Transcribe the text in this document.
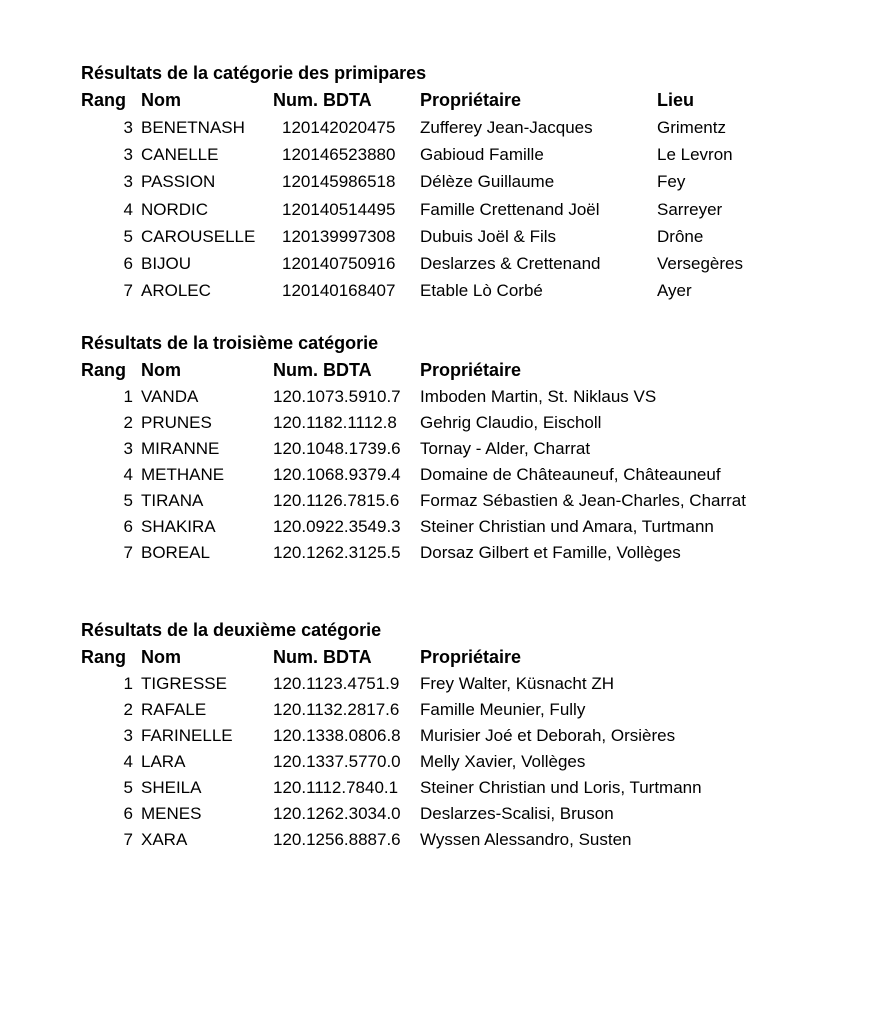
Résultats de la catégorie des primipares
Rang Nom	Num. BDTA	Propriétaire	Lieu
3 BENETNASH 120142020475 Zufferey Jean-Jacques	Grimentz
3 CANELLE	120146523880 Gabioud Famille	Le Levron
3 PASSION	120145986518 Délèze Guillaume	Fey
4 NORDIC	120140514495 Famille Crettenand Joël	Sarreyer
5 CAROUSELLE 120139997308 Dubuis Joël & Fils	Drône
6 BIJOU	120140750916 Deslarzes & Crettenand	Versegères
7 AROLEC	120140168407 Etable Lò Corbé	Ayer
Résultats de la troisième catégorie
Rang Nom	Num. BDTA	Propriétaire
1 VANDA	120.1073.5910.7 Imboden Martin, St. Niklaus VS
2 PRUNES	120.1182.1112.8 Gehrig Claudio, Eischoll
3 MIRANNE	120.1048.1739.6 Tornay - Alder, Charrat
4 METHANE	120.1068.9379.4 Domaine de Châteauneuf, Châteauneuf
5 TIRANA	120.1126.7815.6 Formaz Sébastien & Jean-Charles, Charrat
6 SHAKIRA	120.0922.3549.3 Steiner Christian und Amara, Turtmann
7 BOREAL	120.1262.3125.5 Dorsaz Gilbert et Famille, Vollèges
Résultats de la deuxième catégorie
Rang Nom	Num. BDTA	Propriétaire
1 TIGRESSE	120.1123.4751.9 Frey Walter, Küsnacht ZH
2 RAFALE	120.1132.2817.6 Famille Meunier, Fully
3 FARINELLE 120.1338.0806.8 Murisier Joé et Deborah, Orsières
4 LARA	120.1337.5770.0 Melly Xavier, Vollèges
5 SHEILA	120.1112.7840.1 Steiner Christian und Loris, Turtmann
6 MENES	120.1262.3034.0 Deslarzes-Scalisi, Bruson
7 XARA	120.1256.8887.6 Wyssen Alessandro, Susten
